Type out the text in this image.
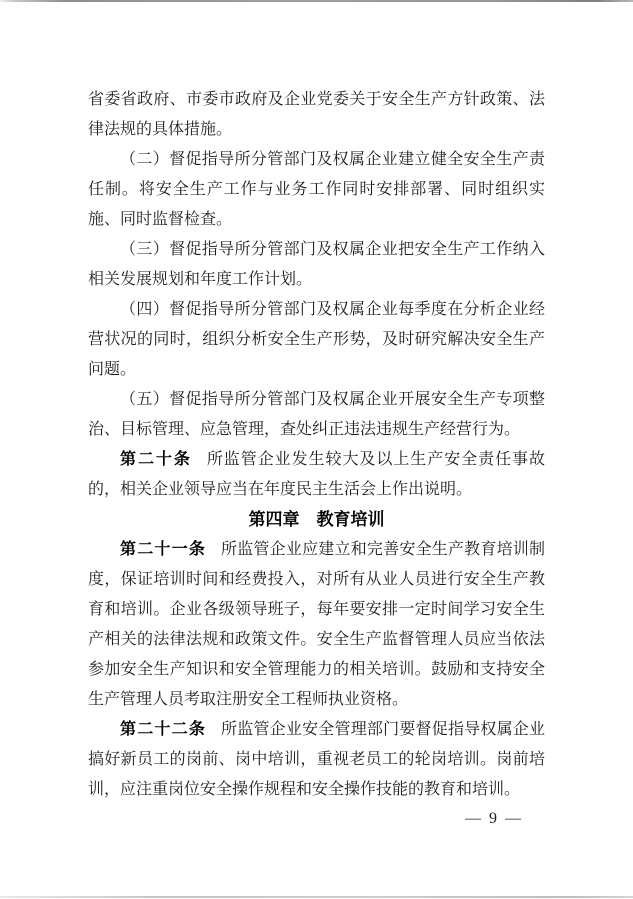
省委省政府、市委市政府及企业党委关于安全生产方针政策、法律法规的具体措施。

（二）督促指导所分管部门及权属企业建立健全安全生产责任制。将安全生产工作与业务工作同时安排部署、同时组织实施、同时监督检查。

（三）督促指导所分管部门及权属企业把安全生产工作纳入相关发展规划和年度工作计划。

（四）督促指导所分管部门及权属企业每季度在分析企业经营状况的同时，组织分析安全生产形势，及时研究解决安全生产问题。

（五）督促指导所分管部门及权属企业开展安全生产专项整治、目标管理、应急管理，查处纠正违法违规生产经营行为。

第二十条 所监管企业发生较大及以上生产安全责任事故的，相关企业领导应当在年度民主生活会上作出说明。

第四章　教育培训

第二十一条 所监管企业应建立和完善安全生产教育培训制度，保证培训时间和经费投入，对所有从业人员进行安全生产教育和培训。企业各级领导班子，每年要安排一定时间学习安全生产相关的法律法规和政策文件。安全生产监督管理人员应当依法参加安全生产知识和安全管理能力的相关培训。鼓励和支持安全生产管理人员考取注册安全工程师执业资格。

第二十二条 所监管企业安全管理部门要督促指导权属企业搞好新员工的岗前、岗中培训，重视老员工的轮岗培训。岗前培训，应注重岗位安全操作规程和安全操作技能的教育和培训。

— 9 —
